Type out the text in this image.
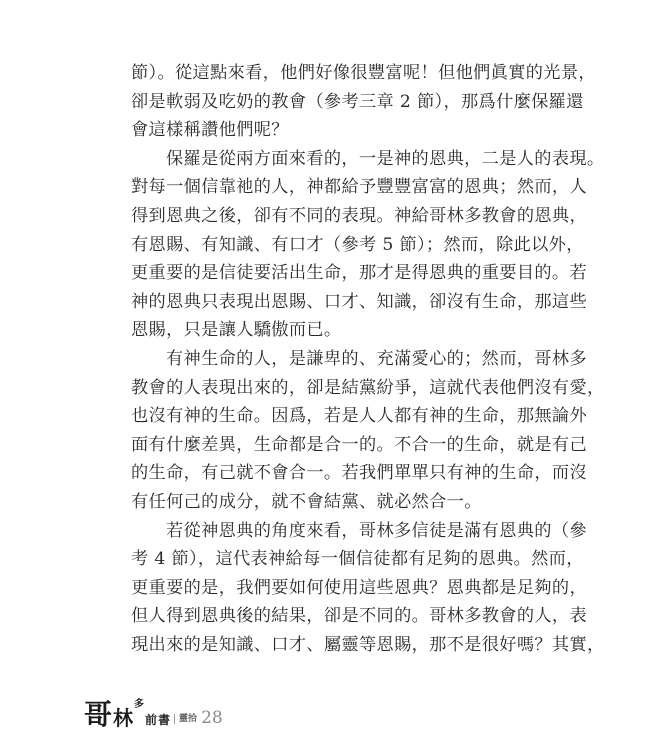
節）。從這點來看，他們好像很豐富呢！但他們眞實的光景，
卻是軟弱及吃奶的教會（參考三章 2 節），那爲什麼保羅還
會這樣稱讚他們呢？
保羅是從兩方面來看的，一是神的恩典，二是人的表現。
對每一個信靠祂的人，神都給予豐豐富富的恩典；然而，人
得到恩典之後，卻有不同的表現。神給哥林多教會的恩典，
有恩賜、有知識、有口才（參考 5 節）；然而，除此以外，
更重要的是信徒要活出生命，那才是得恩典的重要目的。若
神的恩典只表現出恩賜、口才、知識，卻沒有生命，那這些
恩賜，只是讓人驕傲而已。
有神生命的人，是謙卑的、充滿愛心的；然而，哥林多
教會的人表現出來的，卻是結黨紛爭，這就代表他們沒有愛，
也沒有神的生命。因爲，若是人人都有神的生命，那無論外
面有什麼差異，生命都是合一的。不合一的生命，就是有己
的生命，有己就不會合一。若我們單單只有神的生命，而沒
有任何己的成分，就不會結黨、就必然合一。
若從神恩典的角度來看，哥林多信徒是滿有恩典的（參
考 4 節），這代表神給每一個信徒都有足夠的恩典。然而，
更重要的是，我們要如何使用這些恩典？恩典都是足夠的，
但人得到恩典後的結果，卻是不同的。哥林多教會的人，表
現出來的是知識、口才、屬靈等恩賜，那不是很好嗎？其實，
哥 林
多
前 書 靈拾 28
